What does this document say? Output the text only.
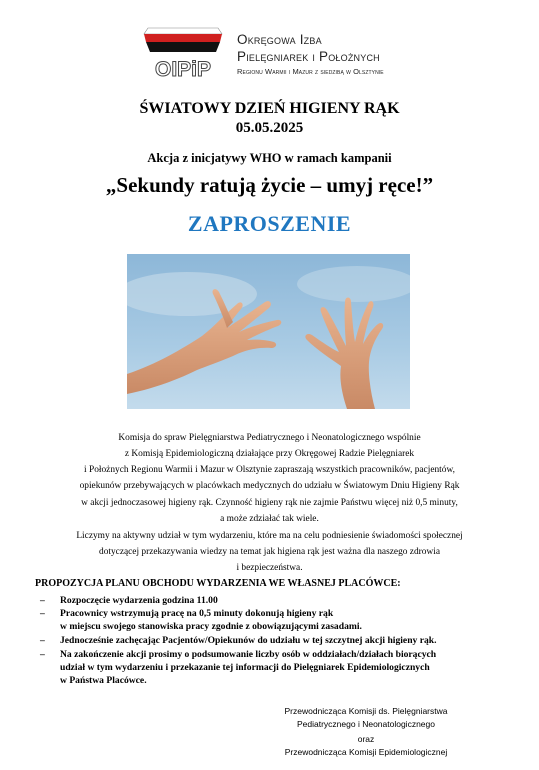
OIPiP
Okręgowa Izba
Pielęgniarek i Położnych
Regionu Warmii i Mazur z siedzibą w Olsztynie
ŚWIATOWY DZIEŃ HIGIENY RĄK
05.05.2025
Akcja z inicjatywy WHO w ramach kampanii
„Sekundy ratują życie – umyj ręce!”
ZAPROSZENIE
Komisja do spraw Pielęgniarstwa Pediatrycznego i Neonatologicznego wspólnie
z Komisją Epidemiologiczną działające przy Okręgowej Radzie Pielęgniarek
i Położnych Regionu Warmii i Mazur w Olsztynie zapraszają wszystkich pracowników, pacjentów,
opiekunów przebywających w placówkach medycznych do udziału w Światowym Dniu Higieny Rąk
w akcji jednoczasowej higieny rąk. Czynność higieny rąk nie zajmie Państwu więcej niż 0,5 minuty,
a może zdziałać tak wiele.
Liczymy na aktywny udział w tym wydarzeniu, które ma na celu podniesienie świadomości społecznej
dotyczącej przekazywania wiedzy na temat jak higiena rąk jest ważna dla naszego zdrowia
i bezpieczeństwa.
PROPOZYCJA PLANU OBCHODU WYDARZENIA WE WŁASNEJ PLACÓWCE:
– Rozpoczęcie wydarzenia godzina 11.00
– Pracownicy wstrzymują pracę na 0,5 minuty dokonują higieny rąk
w miejscu swojego stanowiska pracy zgodnie z obowiązującymi zasadami.
– Jednocześnie zachęcając Pacjentów/Opiekunów do udziału w tej szczytnej akcji higieny rąk.
– Na zakończenie akcji prosimy o podsumowanie liczby osób w oddziałach/działach biorących
udział w tym wydarzeniu i przekazanie tej informacji do Pielęgniarek Epidemiologicznych
w Państwa Placówce.
Przewodnicząca Komisji ds. Pielęgniarstwa
Pediatrycznego i Neonatologicznego
oraz
Przewodnicząca Komisji Epidemiologicznej
